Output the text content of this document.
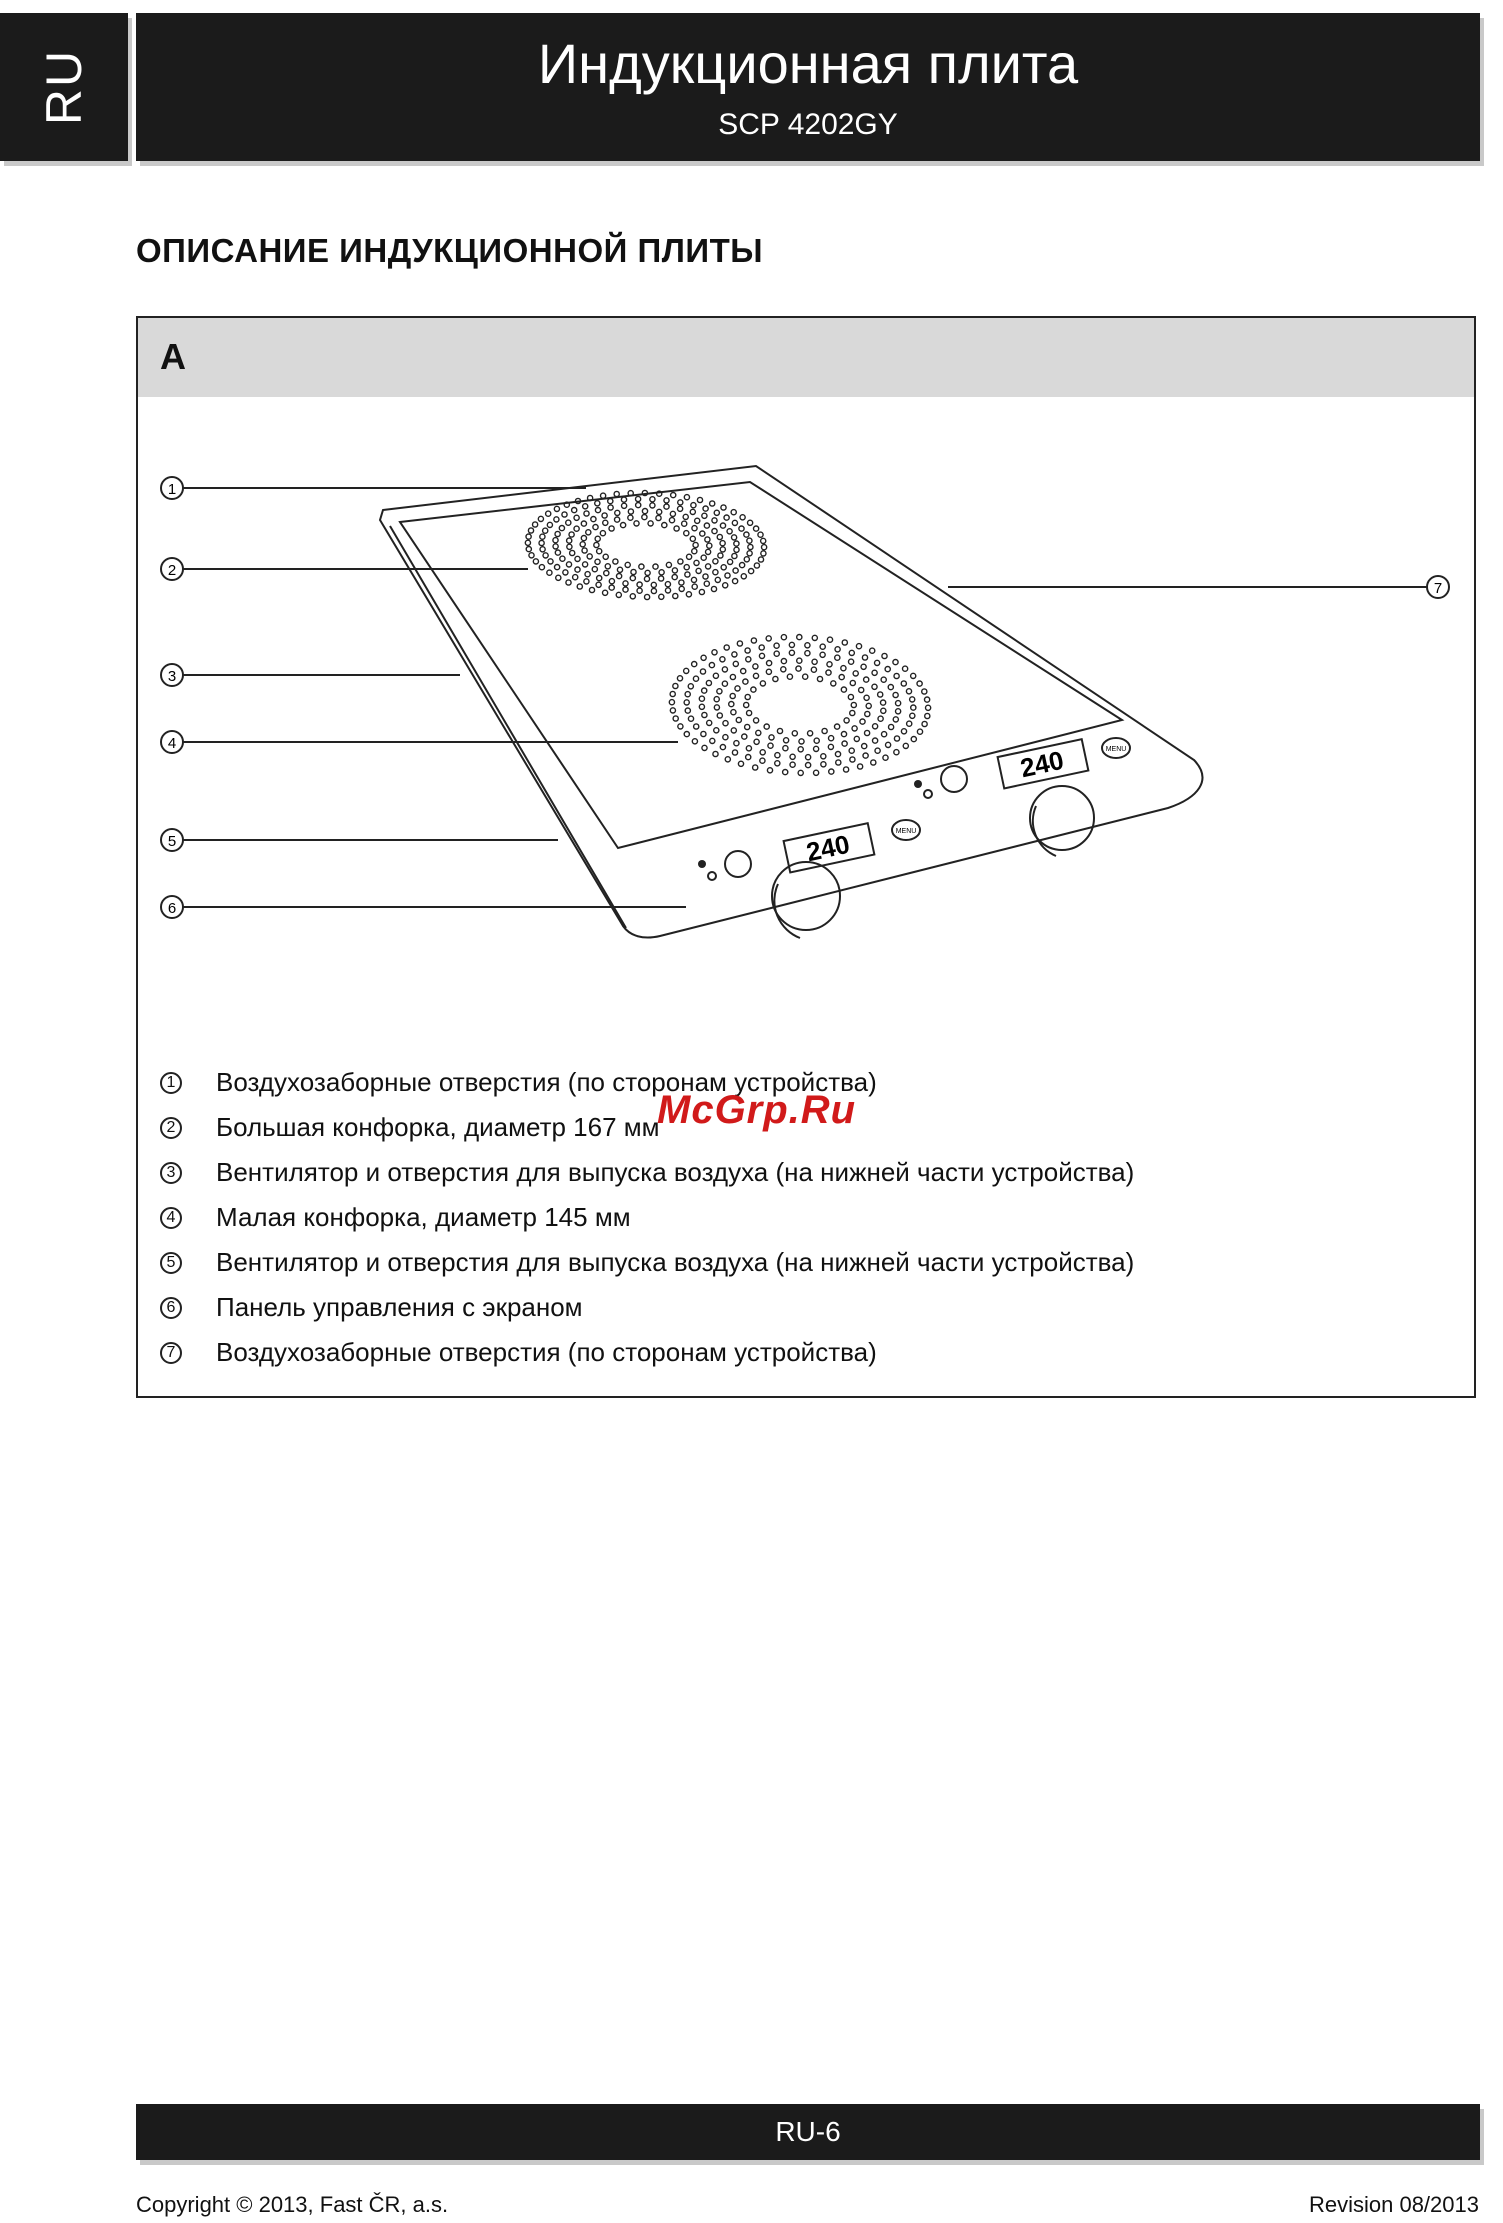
RU	Индукционная плита
SCP 4202GY
ОПИСАНИЕ ИНДУКЦИОННОЙ ПЛИТЫ
A
1
2
3
4
5
6
7
240	MENU
240	MENU
1 Воздухозаборные отверстия (по сторонам устройства)
2 Большая конфорка, диаметр 167 мм
3 Вентилятор и отверстия для выпуска воздуха (на нижней части устройства)
4 Малая конфорка, диаметр 145 мм
5 Вентилятор и отверстия для выпуска воздуха (на нижней части устройства)
6 Панель управления с экраном
7 Воздухозаборные отверстия (по сторонам устройства)
McGrp.Ru
RU-6
Copyright © 2013, Fast ČR, a.s.	Revision 08/2013
